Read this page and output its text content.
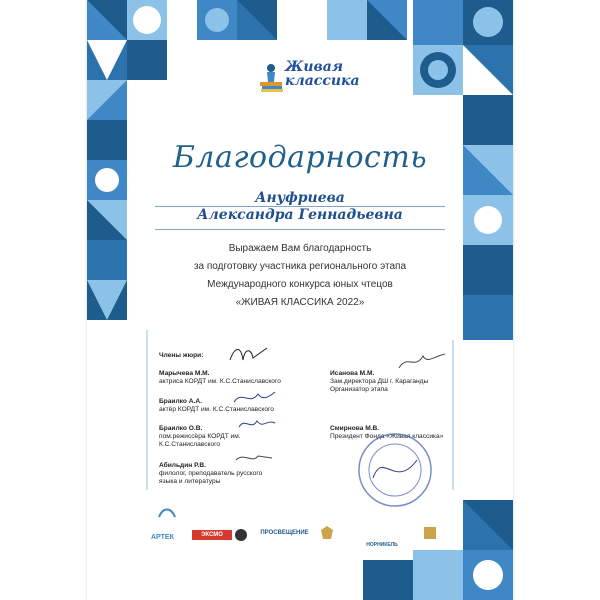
Живая
классика
Благодарность
Ануфриева
Александра Геннадьевна
Выражаем Вам благодарность
за подготовку участника регионального этапа
Международного конкурса юных чтецов
«ЖИВАЯ КЛАССИКА 2022»
Члены жюри:
Марычева М.М.
актриса КОРДТ им. К.С.Станиславского
Браилко А.А.
актёр КОРДТ им. К.С.Станиславского
Браилко О.В.
пом.режиссёра КОРДТ им. К.С.Станиславского
Абильдин Р.В.
филолог, преподаватель русского языка и литературы
Исанова М.М.
Зам.директора ДШ г. Караганды Организатор этапа
Смирнова М.В.
Президент Фонда «Живая классика»
АРТЕК	ЭКСМО	ПРОСВЕЩЕНИЕ
НОРНИКЕЛЬ
